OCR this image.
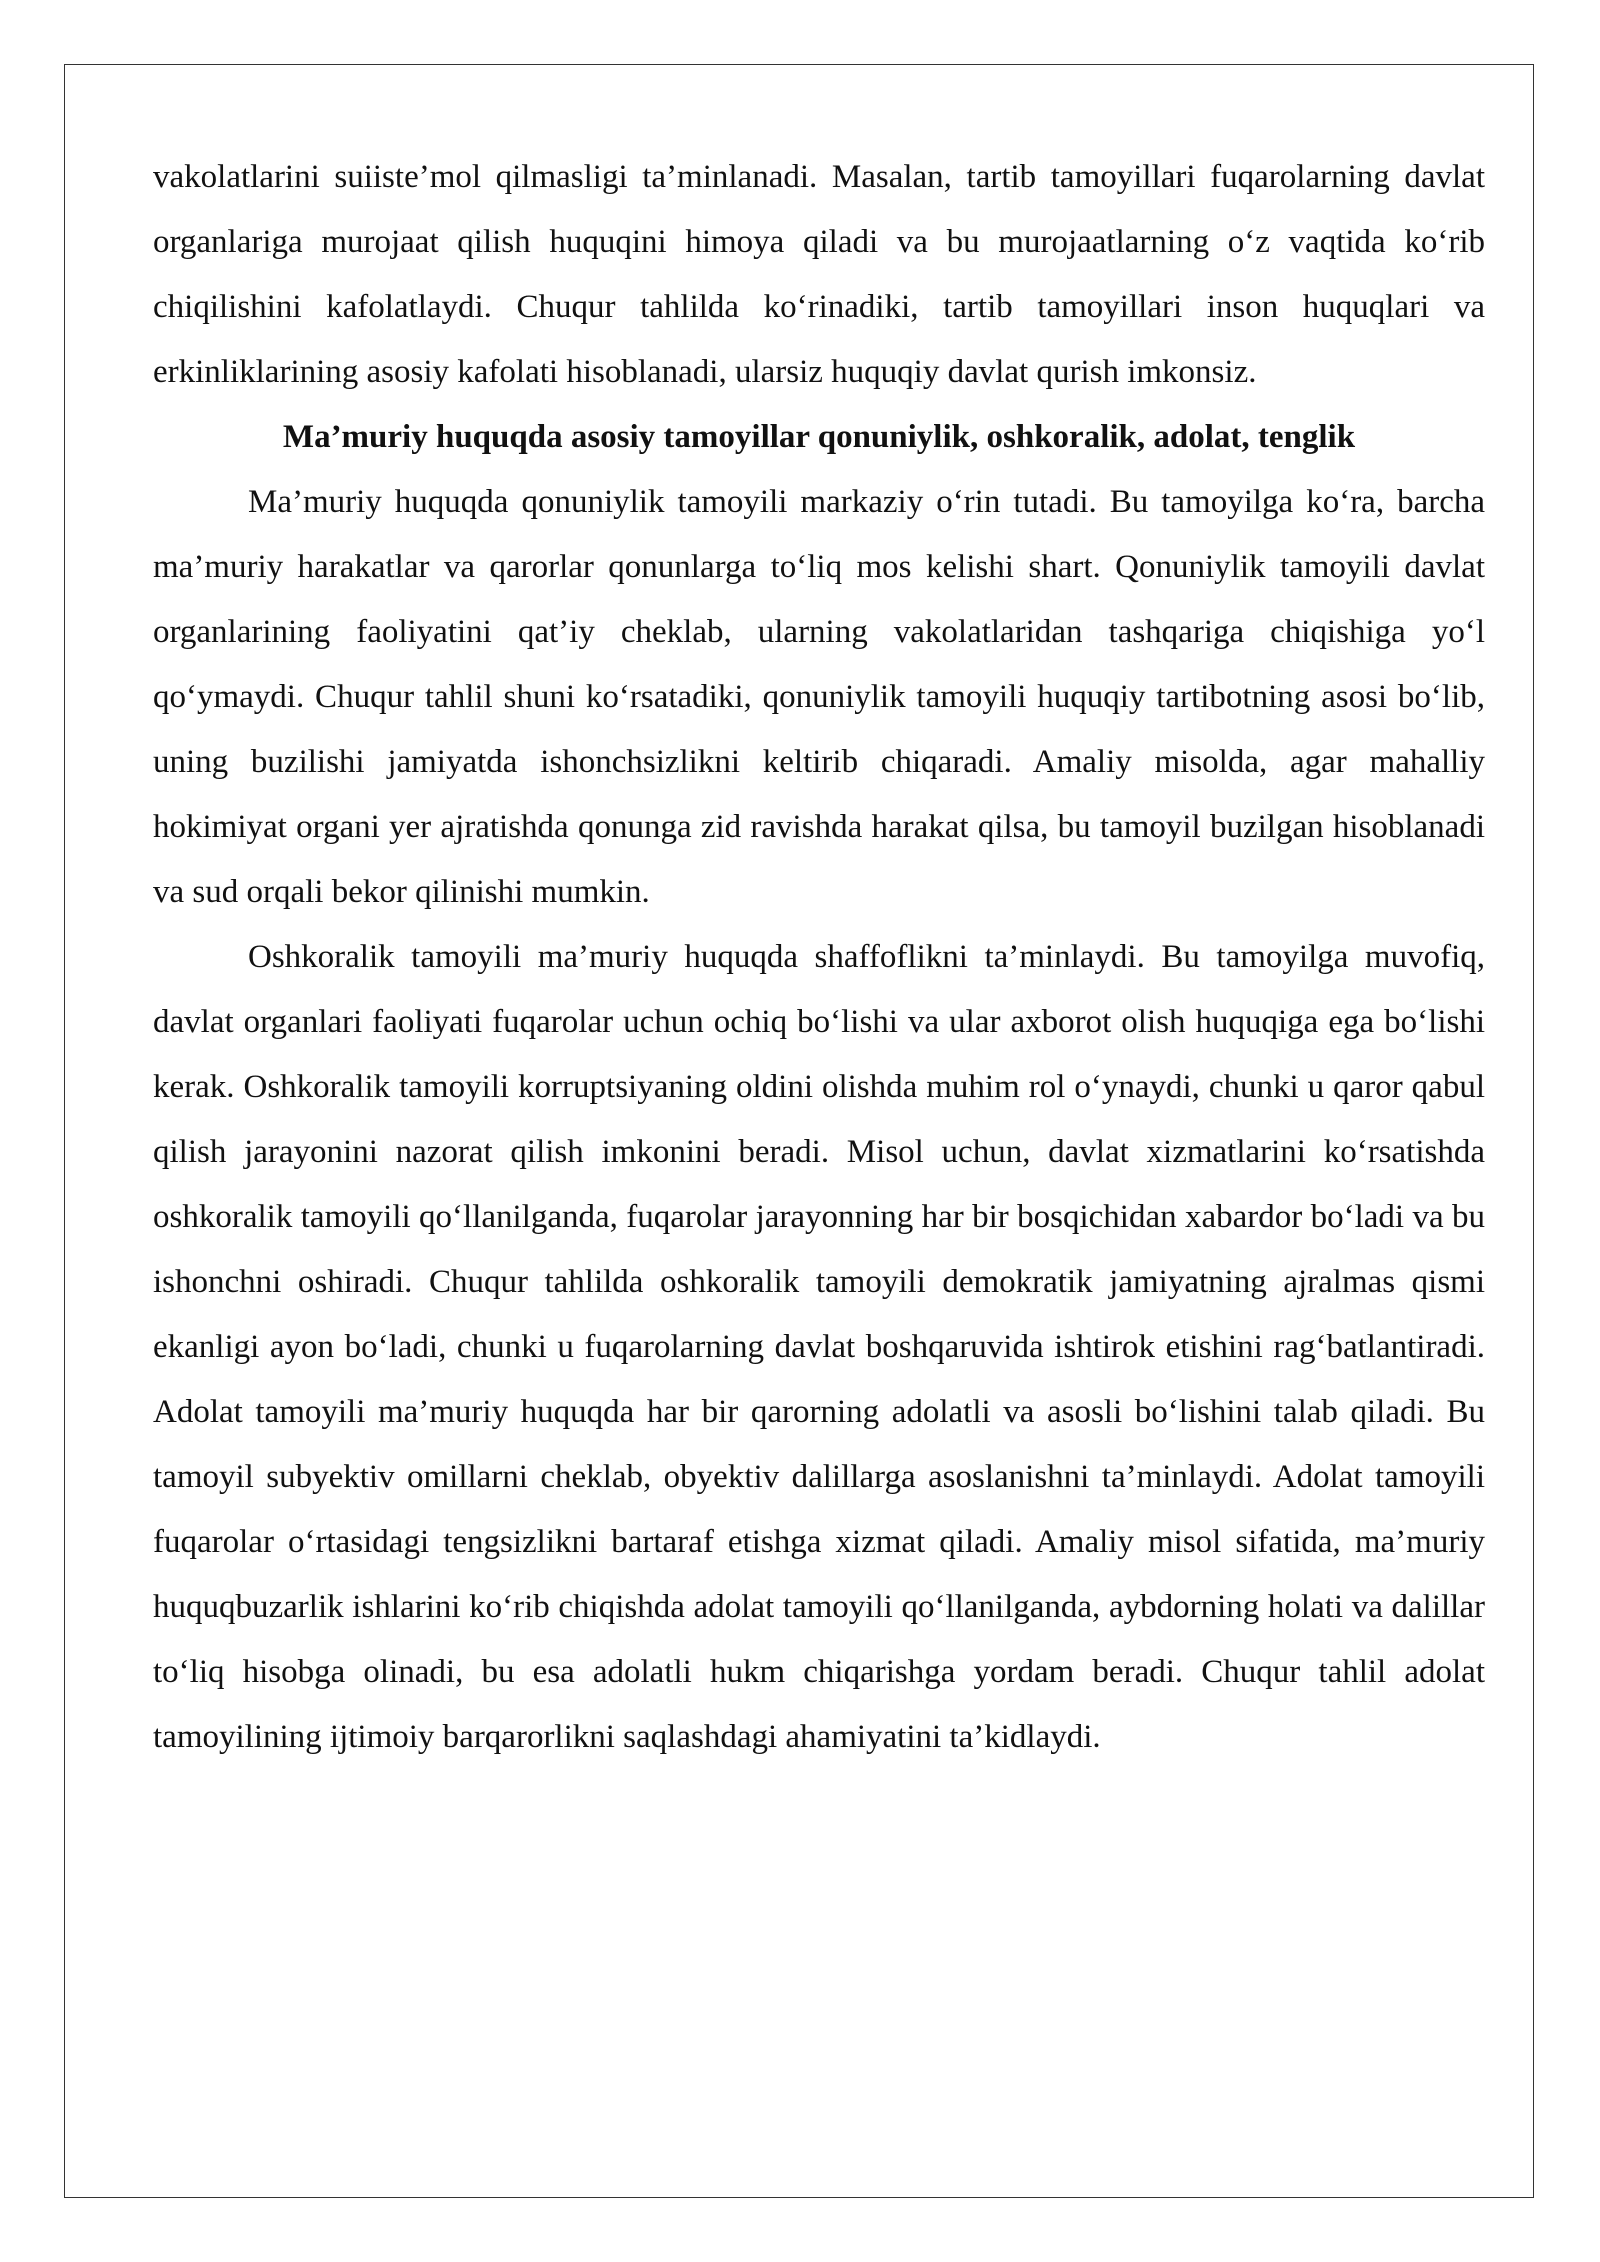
vakolatlarini suiiste’mol qilmasligi ta’minlanadi. Masalan, tartib tamoyillari fuqarolarning davlat organlariga murojaat qilish huquqini himoya qiladi va bu murojaatlarning o‘z vaqtida ko‘rib chiqilishini kafolatlaydi. Chuqur tahlilda ko‘rinadiki, tartib tamoyillari inson huquqlari va erkinliklarining asosiy kafolati hisoblanadi, ularsiz huquqiy davlat qurish imkonsiz.

Ma’muriy huquqda asosiy tamoyillar qonuniylik, oshkoralik, adolat, tenglik

Ma’muriy huquqda qonuniylik tamoyili markaziy o‘rin tutadi. Bu tamoyilga ko‘ra, barcha ma’muriy harakatlar va qarorlar qonunlarga to‘liq mos kelishi shart. Qonuniylik tamoyili davlat organlarining faoliyatini qat’iy cheklab, ularning vakolatlaridan tashqariga chiqishiga yo‘l qo‘ymaydi. Chuqur tahlil shuni ko‘rsatadiki, qonuniylik tamoyili huquqiy tartibotning asosi bo‘lib, uning buzilishi jamiyatda ishonchsizlikni keltirib chiqaradi. Amaliy misolda, agar mahalliy hokimiyat organi yer ajratishda qonunga zid ravishda harakat qilsa, bu tamoyil buzilgan hisoblanadi va sud orqali bekor qilinishi mumkin.

Oshkoralik tamoyili ma’muriy huquqda shaffoflikni ta’minlaydi. Bu tamoyilga muvofiq, davlat organlari faoliyati fuqarolar uchun ochiq bo‘lishi va ular axborot olish huquqiga ega bo‘lishi kerak. Oshkoralik tamoyili korruptsiyaning oldini olishda muhim rol o‘ynaydi, chunki u qaror qabul qilish jarayonini nazorat qilish imkonini beradi. Misol uchun, davlat xizmatlarini ko‘rsatishda oshkoralik tamoyili qo‘llanilganda, fuqarolar jarayonning har bir bosqichidan xabardor bo‘ladi va bu ishonchni oshiradi. Chuqur tahlilda oshkoralik tamoyili demokratik jamiyatning ajralmas qismi ekanligi ayon bo‘ladi, chunki u fuqarolarning davlat boshqaruvida ishtirok etishini rag‘batlantiradi. Adolat tamoyili ma’muriy huquqda har bir qarorning adolatli va asosli bo‘lishini talab qiladi. Bu tamoyil subyektiv omillarni cheklab, obyektiv dalillarga asoslanishni ta’minlaydi. Adolat tamoyili fuqarolar o‘rtasidagi tengsizlikni bartaraf etishga xizmat qiladi. Amaliy misol sifatida, ma’muriy huquqbuzarlik ishlarini ko‘rib chiqishda adolat tamoyili qo‘llanilganda, aybdorning holati va dalillar to‘liq hisobga olinadi, bu esa adolatli hukm chiqarishga yordam beradi. Chuqur tahlil adolat tamoyilining ijtimoiy barqarorlikni saqlashdagi ahamiyatini ta’kidlaydi.
